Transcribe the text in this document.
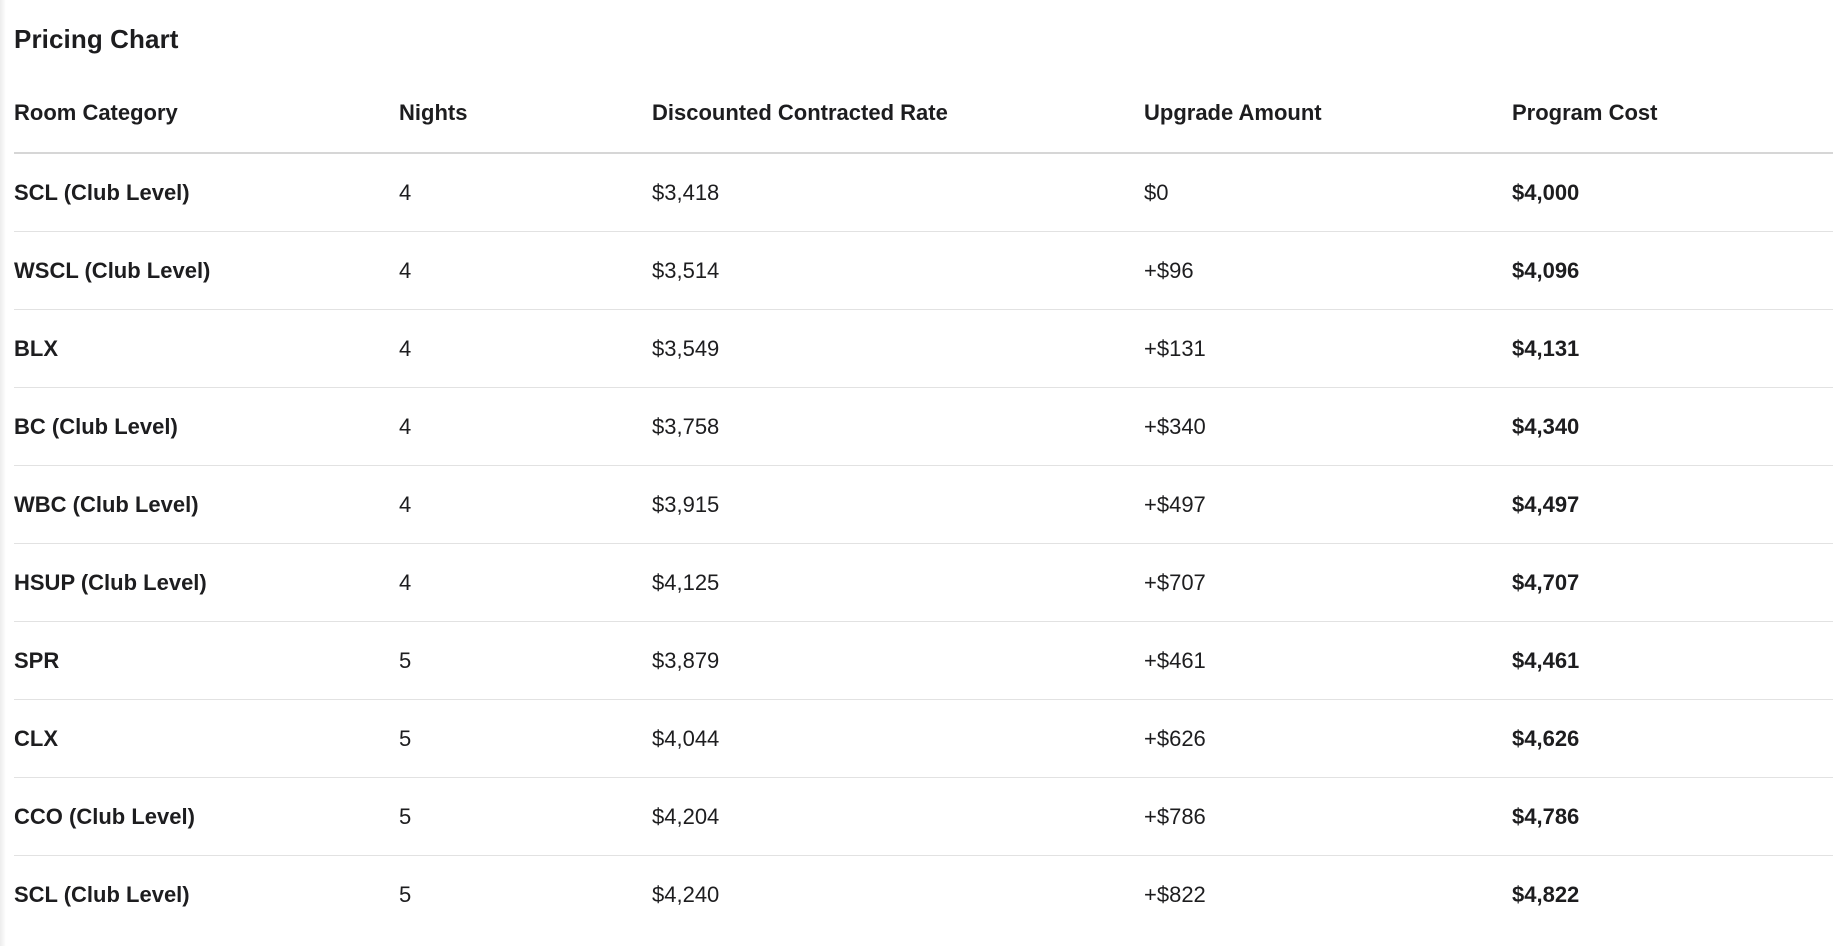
Pricing Chart
Room Category	Nights	Discounted Contracted Rate	Upgrade Amount	Program Cost
SCL (Club Level)	4	$3,418	$0	$4,000
WSCL (Club Level)	4	$3,514	+$96	$4,096
BLX	4	$3,549	+$131	$4,131
BC (Club Level)	4	$3,758	+$340	$4,340
WBC (Club Level)	4	$3,915	+$497	$4,497
HSUP (Club Level)	4	$4,125	+$707	$4,707
SPR	5	$3,879	+$461	$4,461
CLX	5	$4,044	+$626	$4,626
CCO (Club Level)	5	$4,204	+$786	$4,786
SCL (Club Level)	5	$4,240	+$822	$4,822
